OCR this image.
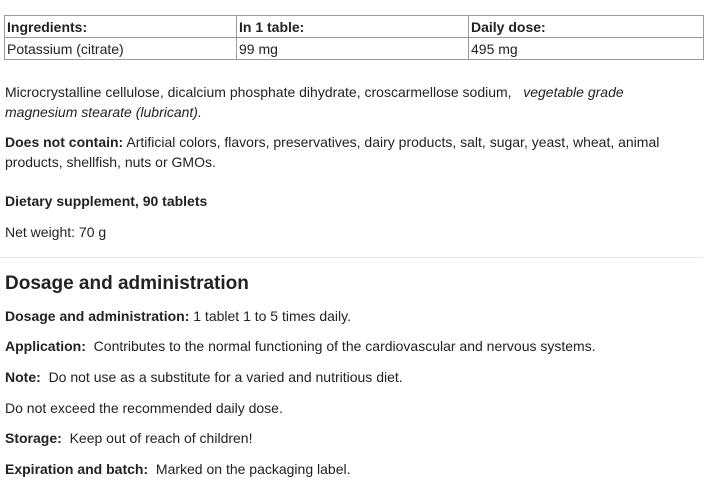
Ingredients:	In 1 table:	Daily dose:
Potassium (citrate)	99 mg	495 mg

Microcrystalline cellulose, dicalcium phosphate dihydrate, croscarmellose sodium, vegetable grade magnesium stearate (lubricant).

Does not contain: Artificial colors, flavors, preservatives, dairy products, salt, sugar, yeast, wheat, animal products, shellfish, nuts or GMOs.

Dietary supplement, 90 tablets

Net weight: 70 g

Dosage and administration

Dosage and administration: 1 tablet 1 to 5 times daily.

Application: Contributes to the normal functioning of the cardiovascular and nervous systems.

Note: Do not use as a substitute for a varied and nutritious diet.

Do not exceed the recommended daily dose.

Storage: Keep out of reach of children!

Expiration and batch: Marked on the packaging label.
